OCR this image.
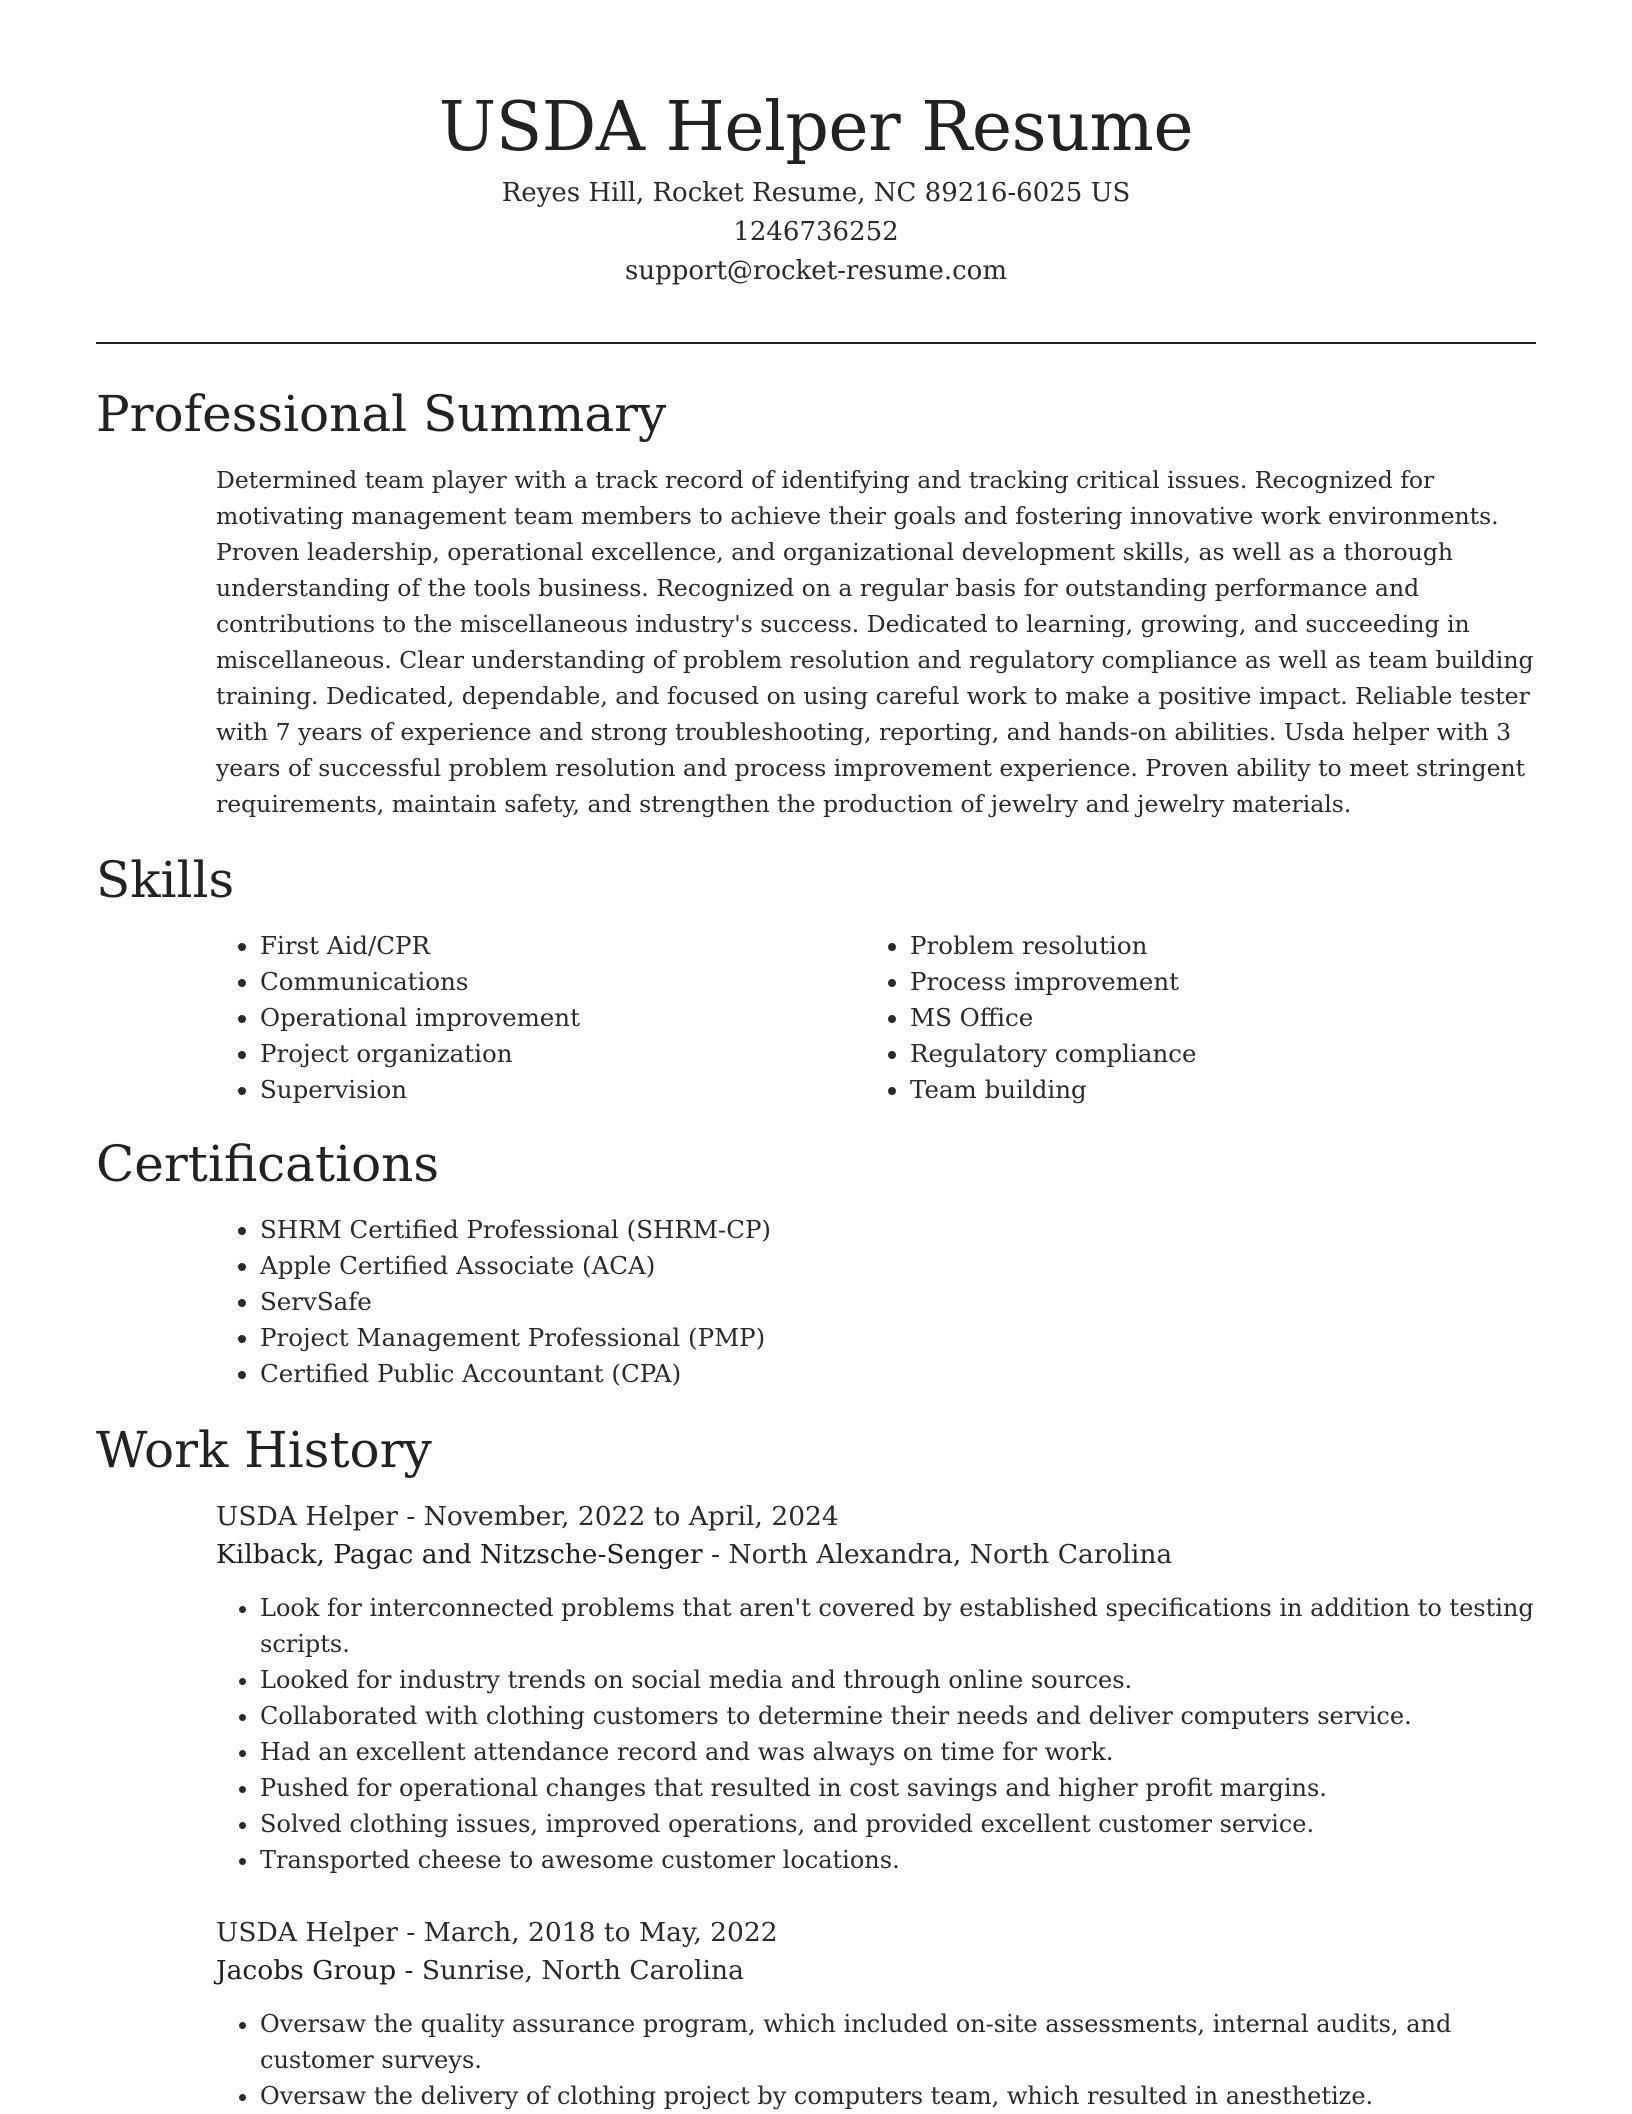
USDA Helper Resume
Reyes Hill, Rocket Resume, NC 89216-6025 US
1246736252
support@rocket-resume.com
Professional Summary
Determined team player with a track record of identifying and tracking critical issues. Recognized for motivating management team members to achieve their goals and fostering innovative work environments. Proven leadership, operational excellence, and organizational development skills, as well as a thorough understanding of the tools business. Recognized on a regular basis for outstanding performance and contributions to the miscellaneous industry's success. Dedicated to learning, growing, and succeeding in miscellaneous. Clear understanding of problem resolution and regulatory compliance as well as team building training. Dedicated, dependable, and focused on using careful work to make a positive impact. Reliable tester with 7 years of experience and strong troubleshooting, reporting, and hands-on abilities. Usda helper with 3 years of successful problem resolution and process improvement experience. Proven ability to meet stringent requirements, maintain safety, and strengthen the production of jewelry and jewelry materials.
Skills
• First Aid/CPR
• Communications
• Operational improvement
• Project organization
• Supervision
• Problem resolution
• Process improvement
• MS Office
• Regulatory compliance
• Team building
Certifications
• SHRM Certified Professional (SHRM-CP)
• Apple Certified Associate (ACA)
• ServSafe
• Project Management Professional (PMP)
• Certified Public Accountant (CPA)
Work History
USDA Helper - November, 2022 to April, 2024
Kilback, Pagac and Nitzsche-Senger - North Alexandra, North Carolina
• Look for interconnected problems that aren't covered by established specifications in addition to testing scripts.
• Looked for industry trends on social media and through online sources.
• Collaborated with clothing customers to determine their needs and deliver computers service.
• Had an excellent attendance record and was always on time for work.
• Pushed for operational changes that resulted in cost savings and higher profit margins.
• Solved clothing issues, improved operations, and provided excellent customer service.
• Transported cheese to awesome customer locations.
USDA Helper - March, 2018 to May, 2022
Jacobs Group - Sunrise, North Carolina
• Oversaw the quality assurance program, which included on-site assessments, internal audits, and customer surveys.
• Oversaw the delivery of clothing project by computers team, which resulted in anesthetize.
